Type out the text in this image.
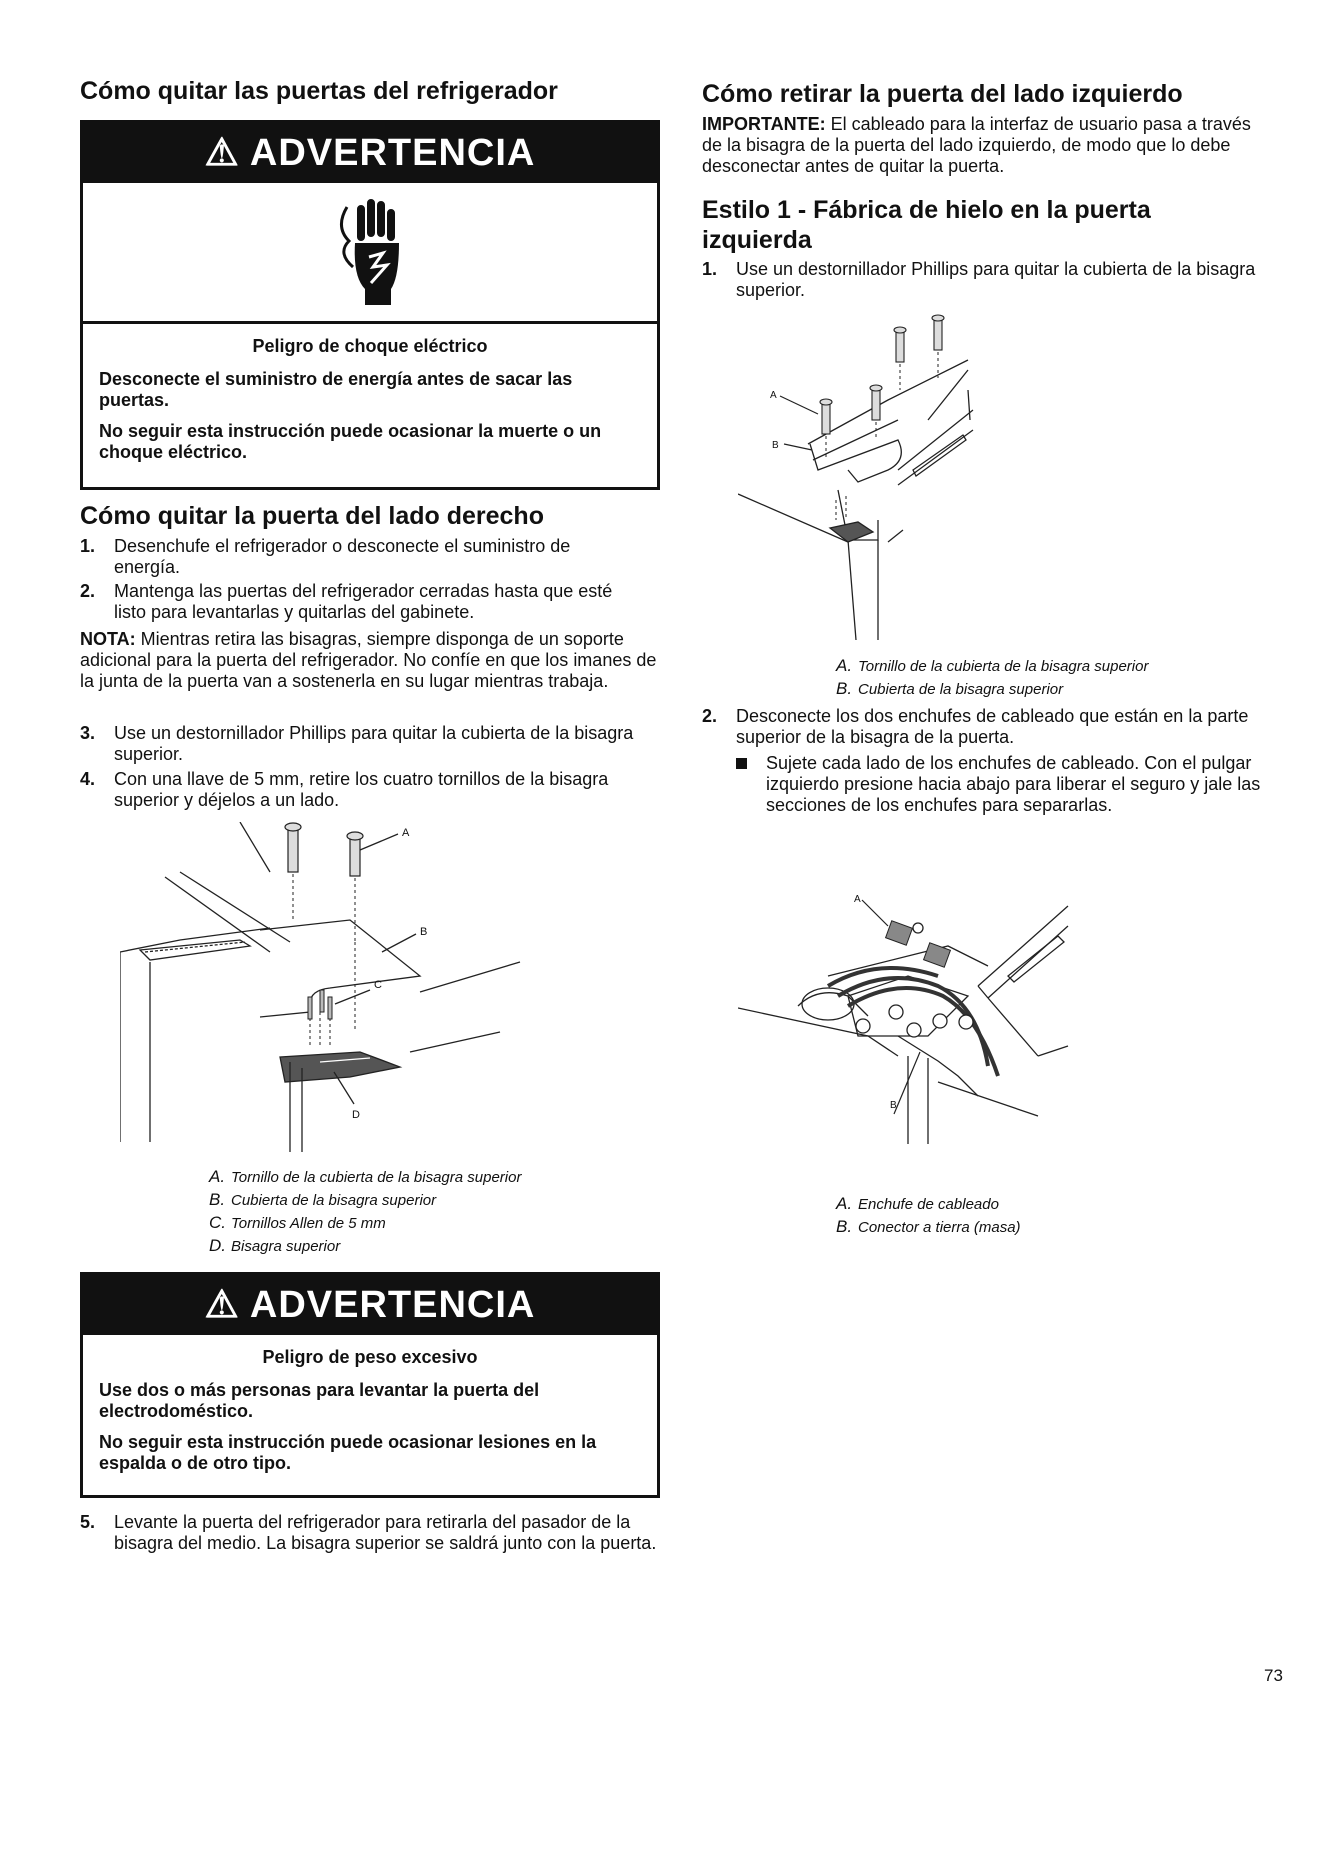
Cómo quitar las puertas del refrigerador
⚠ ADVERTENCIA
Peligro de choque eléctrico

Desconecte el suministro de energía antes de sacar las puertas.

No seguir esta instrucción puede ocasionar la muerte o un choque eléctrico.

Cómo quitar la puerta del lado derecho
1. Desenchufe el refrigerador o desconecte el suministro de energía.
2. Mantenga las puertas del refrigerador cerradas hasta que esté listo para levantarlas y quitarlas del gabinete.
NOTA: Mientras retira las bisagras, siempre disponga de un soporte adicional para la puerta del refrigerador. No confíe en que los imanes de la junta de la puerta van a sostenerla en su lugar mientras trabaja.
3. Use un destornillador Phillips para quitar la cubierta de la bisagra superior.
4. Con una llave de 5 mm, retire los cuatro tornillos de la bisagra superior y déjelos a un lado.
A
B
C
D
A. Tornillo de la cubierta de la bisagra superior
B. Cubierta de la bisagra superior
C. Tornillos Allen de 5 mm
D. Bisagra superior
⚠ ADVERTENCIA
Peligro de peso excesivo

Use dos o más personas para levantar la puerta del electrodoméstico.

No seguir esta instrucción puede ocasionar lesiones en la espalda o de otro tipo.

5. Levante la puerta del refrigerador para retirarla del pasador de la bisagra del medio. La bisagra superior se saldrá junto con la puerta.
Cómo retirar la puerta del lado izquierdo
IMPORTANTE: El cableado para la interfaz de usuario pasa a través de la bisagra de la puerta del lado izquierdo, de modo que lo debe desconectar antes de quitar la puerta.
Estilo 1 - Fábrica de hielo en la puerta izquierda
1. Use un destornillador Phillips para quitar la cubierta de la bisagra superior.
A
B
A. Tornillo de la cubierta de la bisagra superior
B. Cubierta de la bisagra superior
2. Desconecte los dos enchufes de cableado que están en la parte superior de la bisagra de la puerta.
Sujete cada lado de los enchufes de cableado. Con el pulgar izquierdo presione hacia abajo para liberar el seguro y jale las secciones de los enchufes para separarlas.
A
B
A. Enchufe de cableado
B. Conector a tierra (masa)
73
